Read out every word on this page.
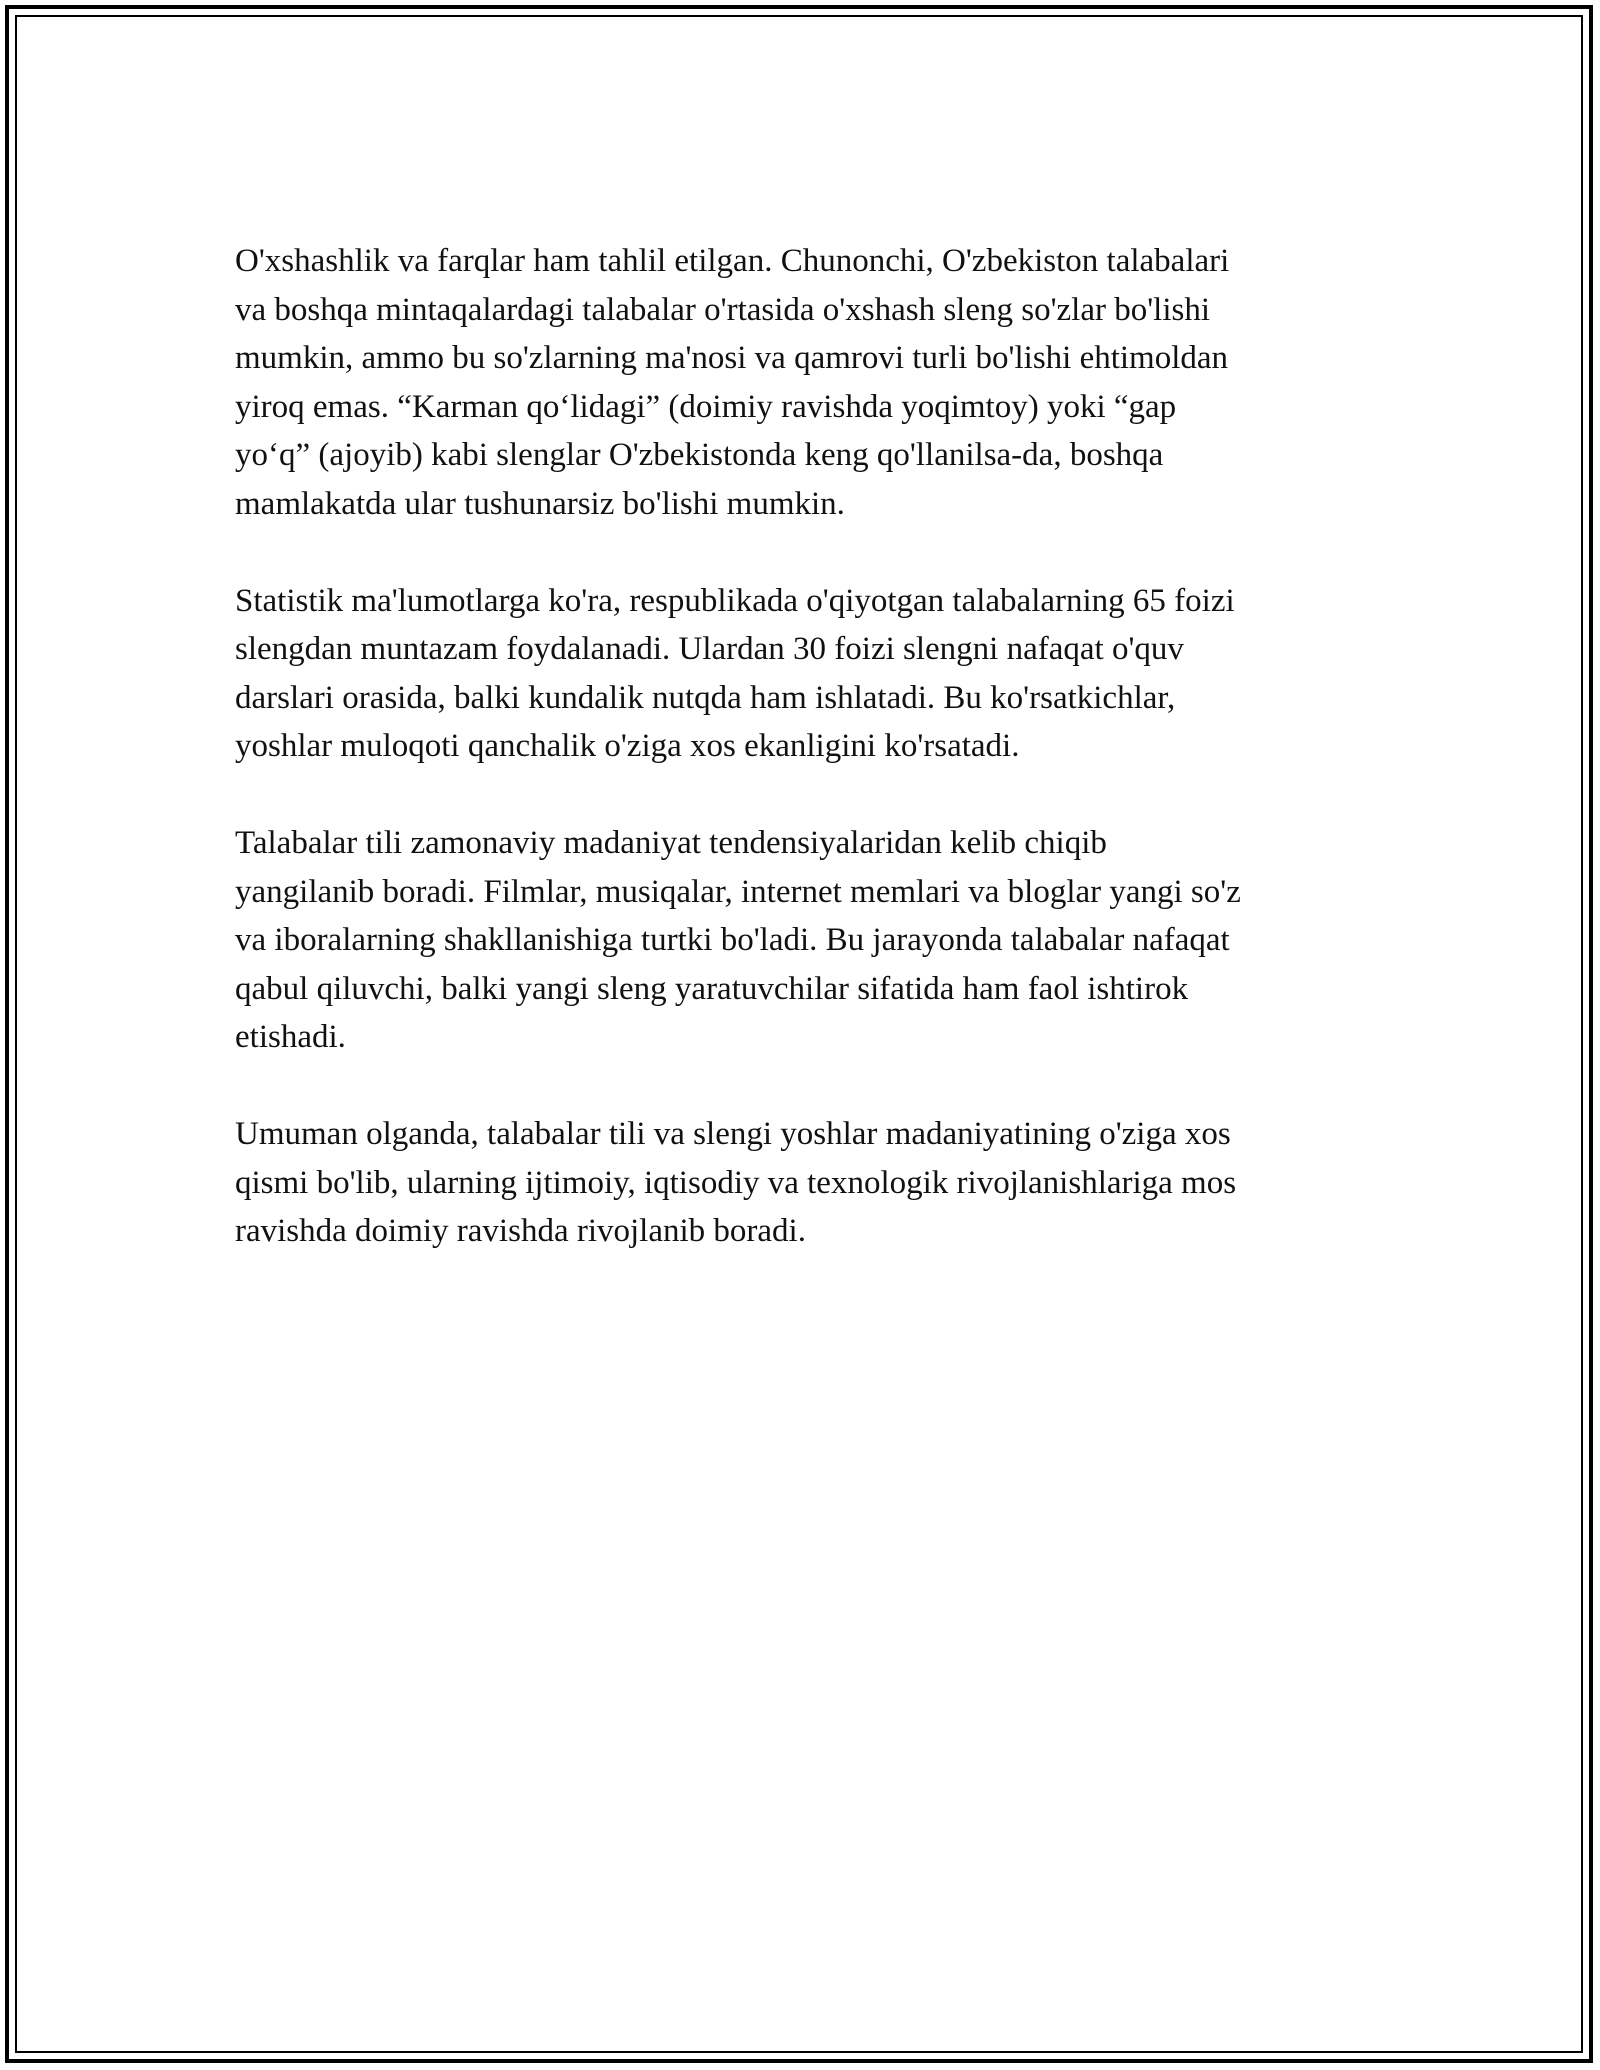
O'xshashlik va farqlar ham tahlil etilgan. Chunonchi, O'zbekiston talabalari
va boshqa mintaqalardagi talabalar o'rtasida o'xshash sleng so'zlar bo'lishi
mumkin, ammo bu so'zlarning ma'nosi va qamrovi turli bo'lishi ehtimoldan
yiroq emas. “Karman qoʻlidagi” (doimiy ravishda yoqimtoy) yoki “gap
yoʻq” (ajoyib) kabi slenglar O'zbekistonda keng qo'llanilsa-da, boshqa
mamlakatda ular tushunarsiz bo'lishi mumkin.

Statistik ma'lumotlarga ko'ra, respublikada o'qiyotgan talabalarning 65 foizi
slengdan muntazam foydalanadi. Ulardan 30 foizi slengni nafaqat o'quv
darslari orasida, balki kundalik nutqda ham ishlatadi. Bu ko'rsatkichlar,
yoshlar muloqoti qanchalik o'ziga xos ekanligini ko'rsatadi.

Talabalar tili zamonaviy madaniyat tendensiyalaridan kelib chiqib
yangilanib boradi. Filmlar, musiqalar, internet memlari va bloglar yangi so'z
va iboralarning shakllanishiga turtki bo'ladi. Bu jarayonda talabalar nafaqat
qabul qiluvchi, balki yangi sleng yaratuvchilar sifatida ham faol ishtirok
etishadi.

Umuman olganda, talabalar tili va slengi yoshlar madaniyatining o'ziga xos
qismi bo'lib, ularning ijtimoiy, iqtisodiy va texnologik rivojlanishlariga mos
ravishda doimiy ravishda rivojlanib boradi.
